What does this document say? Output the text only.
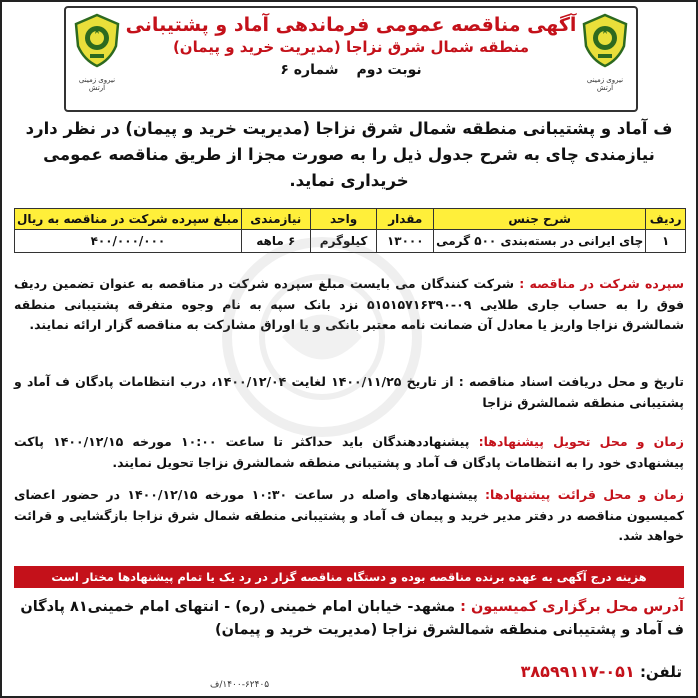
نیروی زمینی ارتش
نیروی زمینی ارتش
آگهی مناقصه عمومی فرماندهی آماد و پشتیبانی
منطقه شمال شرق نزاجا (مدیریت خرید و پیمان)
نوبت دومشماره ۶
ف آماد و پشتیبانی منطقه شمال شرق نزاجا (مدیریت خرید و پیمان) در نظر دارد نیازمندی چای به شرح جدول ذیل را به صورت مجزا از طریق مناقصه عمومی خریداری نماید.
ردیف	شرح جنس	مقدار	واحد	نیازمندی	مبلغ سپرده شرکت در مناقصه به ریال
۱	چای ایرانی در بسته‌بندی ۵۰۰ گرمی	۱۳۰۰۰	کیلوگرم	۶ ماهه	۴۰۰/۰۰۰/۰۰۰
سپرده شرکت در مناقصه : شرکت کنندگان می بایست مبلغ سپرده شرکت در مناقصه به عنوان تضمین ردیف فوق را به حساب جاری طلایی ۰۹-۵۱۵۱۵۷۱۶۳۹۰ نزد بانک سپه به نام وجوه متفرقه پشتیبانی منطقه شمالشرق نزاجا واریز یا معادل آن ضمانت نامه معتبر بانکی و یا اوراق مشارکت به مناقصه گزار ارائه نمایند.
تاریخ و محل دریافت اسناد مناقصه : از تاریخ ۱۴۰۰/۱۱/۲۵ لغایت ۱۴۰۰/۱۲/۰۴، درب انتظامات پادگان ف آماد و پشتیبانی منطقه شمالشرق نزاجا
زمان و محل تحویل پیشنهادها: پیشنهاددهندگان باید حداکثر تا ساعت ۱۰:۰۰ مورخه ۱۴۰۰/۱۲/۱۵ پاکت پیشنهادی خود را به انتظامات پادگان ف آماد و پشتیبانی منطقه شمالشرق نزاجا تحویل نمایند.
زمان و محل قرائت پیشنهادها: پیشنهادهای واصله در ساعت ۱۰:۳۰ مورخه ۱۴۰۰/۱۲/۱۵ در حضور اعضای کمیسیون مناقصه در دفتر مدیر خرید و پیمان ف آماد و پشتیبانی منطقه شمال شرق نزاجا بازگشایی و قرائت خواهد شد.
هزینه درج آگهی به عهده برنده مناقصه بوده و دستگاه مناقصه گزار در رد یک یا تمام پیشنهادها مختار است
آدرس محل برگزاری کمیسیون : مشهد- خیابان امام خمینی (ره) - انتهای امام خمینی۸۱ پادگان ف آماد و پشتیبانی منطقه شمالشرق نزاجا (مدیریت خرید و پیمان)
تلفن: ۰۵۱-۳۸۵۹۹۱۱۷
۱۴۰۰-۶۲۴۰۵/ف
